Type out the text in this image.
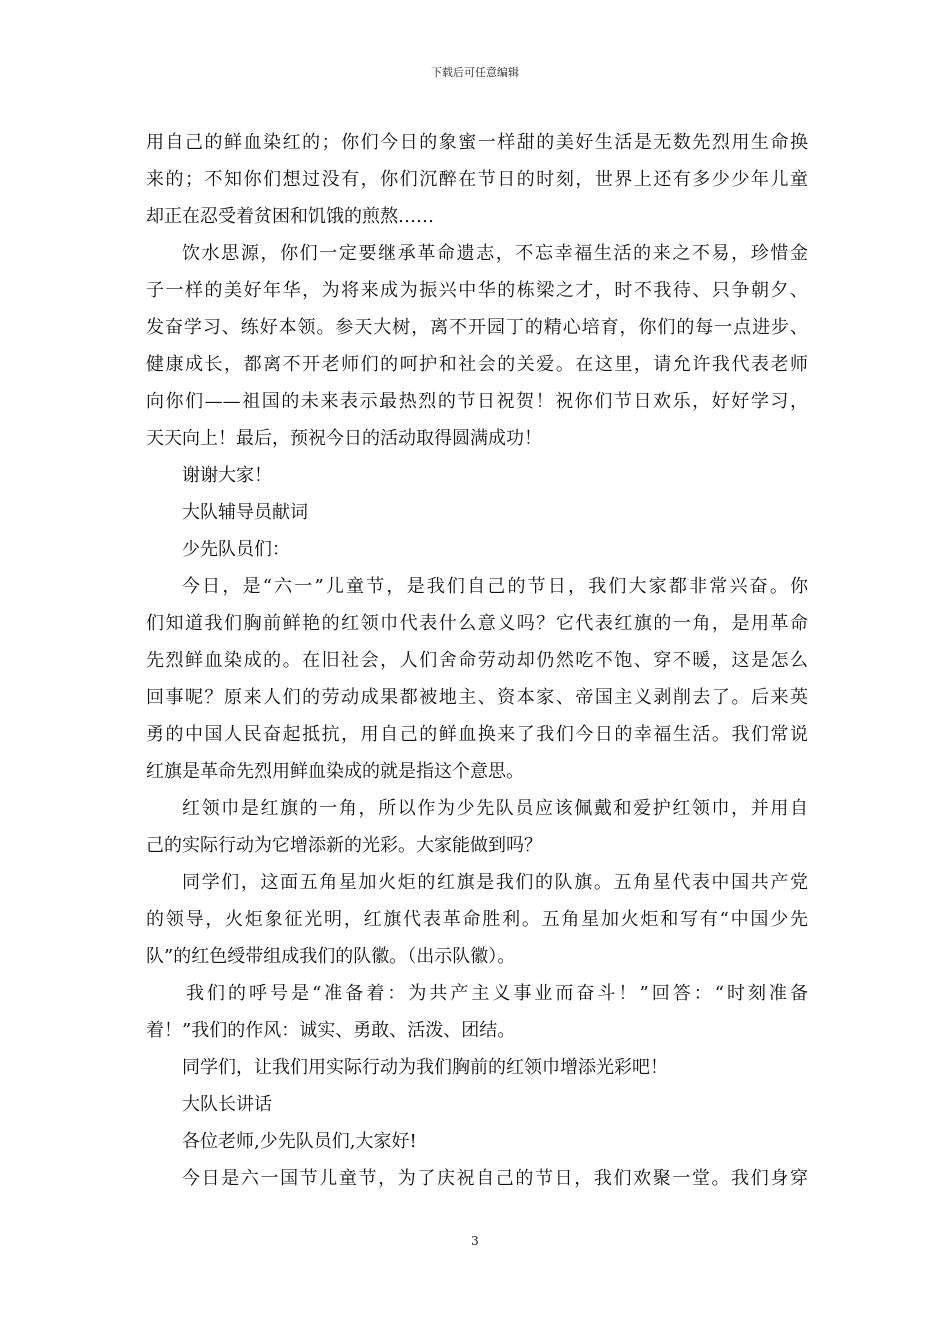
下载后可任意编辑
用自己的鲜血染红的；你们今日的象蜜一样甜的美好生活是无数先烈用生命换
来的；不知你们想过没有，你们沉醉在节日的时刻，世界上还有多少少年儿童
却正在忍受着贫困和饥饿的煎熬……
饮水思源，你们一定要继承革命遗志，不忘幸福生活的来之不易，珍惜金
子一样的美好年华，为将来成为振兴中华的栋梁之才，时不我待、只争朝夕、
发奋学习、练好本领。参天大树，离不开园丁的精心培育，你们的每一点进步、
健康成长，都离不开老师们的呵护和社会的关爱。在这里，请允许我代表老师
向你们——祖国的未来表示最热烈的节日祝贺！祝你们节日欢乐，好好学习，
天天向上！最后，预祝今日的活动取得圆满成功！
谢谢大家！
大队辅导员献词
少先队员们：
今日，是“六一”儿童节，是我们自己的节日，我们大家都非常兴奋。你
们知道我们胸前鲜艳的红领巾代表什么意义吗？它代表红旗的一角，是用革命
先烈鲜血染成的。在旧社会，人们舍命劳动却仍然吃不饱、穿不暖，这是怎么
回事呢？原来人们的劳动成果都被地主、资本家、帝国主义剥削去了。后来英
勇的中国人民奋起抵抗，用自己的鲜血换来了我们今日的幸福生活。我们常说
红旗是革命先烈用鲜血染成的就是指这个意思。
红领巾是红旗的一角，所以作为少先队员应该佩戴和爱护红领巾，并用自
己的实际行动为它增添新的光彩。大家能做到吗？
同学们，这面五角星加火炬的红旗是我们的队旗。五角星代表中国共产党
的领导，火炬象征光明，红旗代表革命胜利。五角星加火炬和写有“中国少先
队”的红色绶带组成我们的队徽。（出示队徽）。
我们的呼号是“准备着：为共产主义事业而奋斗！”回答：“时刻准备
着！”我们的作风：诚实、勇敢、活泼、团结。
同学们，让我们用实际行动为我们胸前的红领巾增添光彩吧！
大队长讲话
各位老师,少先队员们,大家好!
今日是六一国节儿童节，为了庆祝自己的节日，我们欢聚一堂。我们身穿
3
